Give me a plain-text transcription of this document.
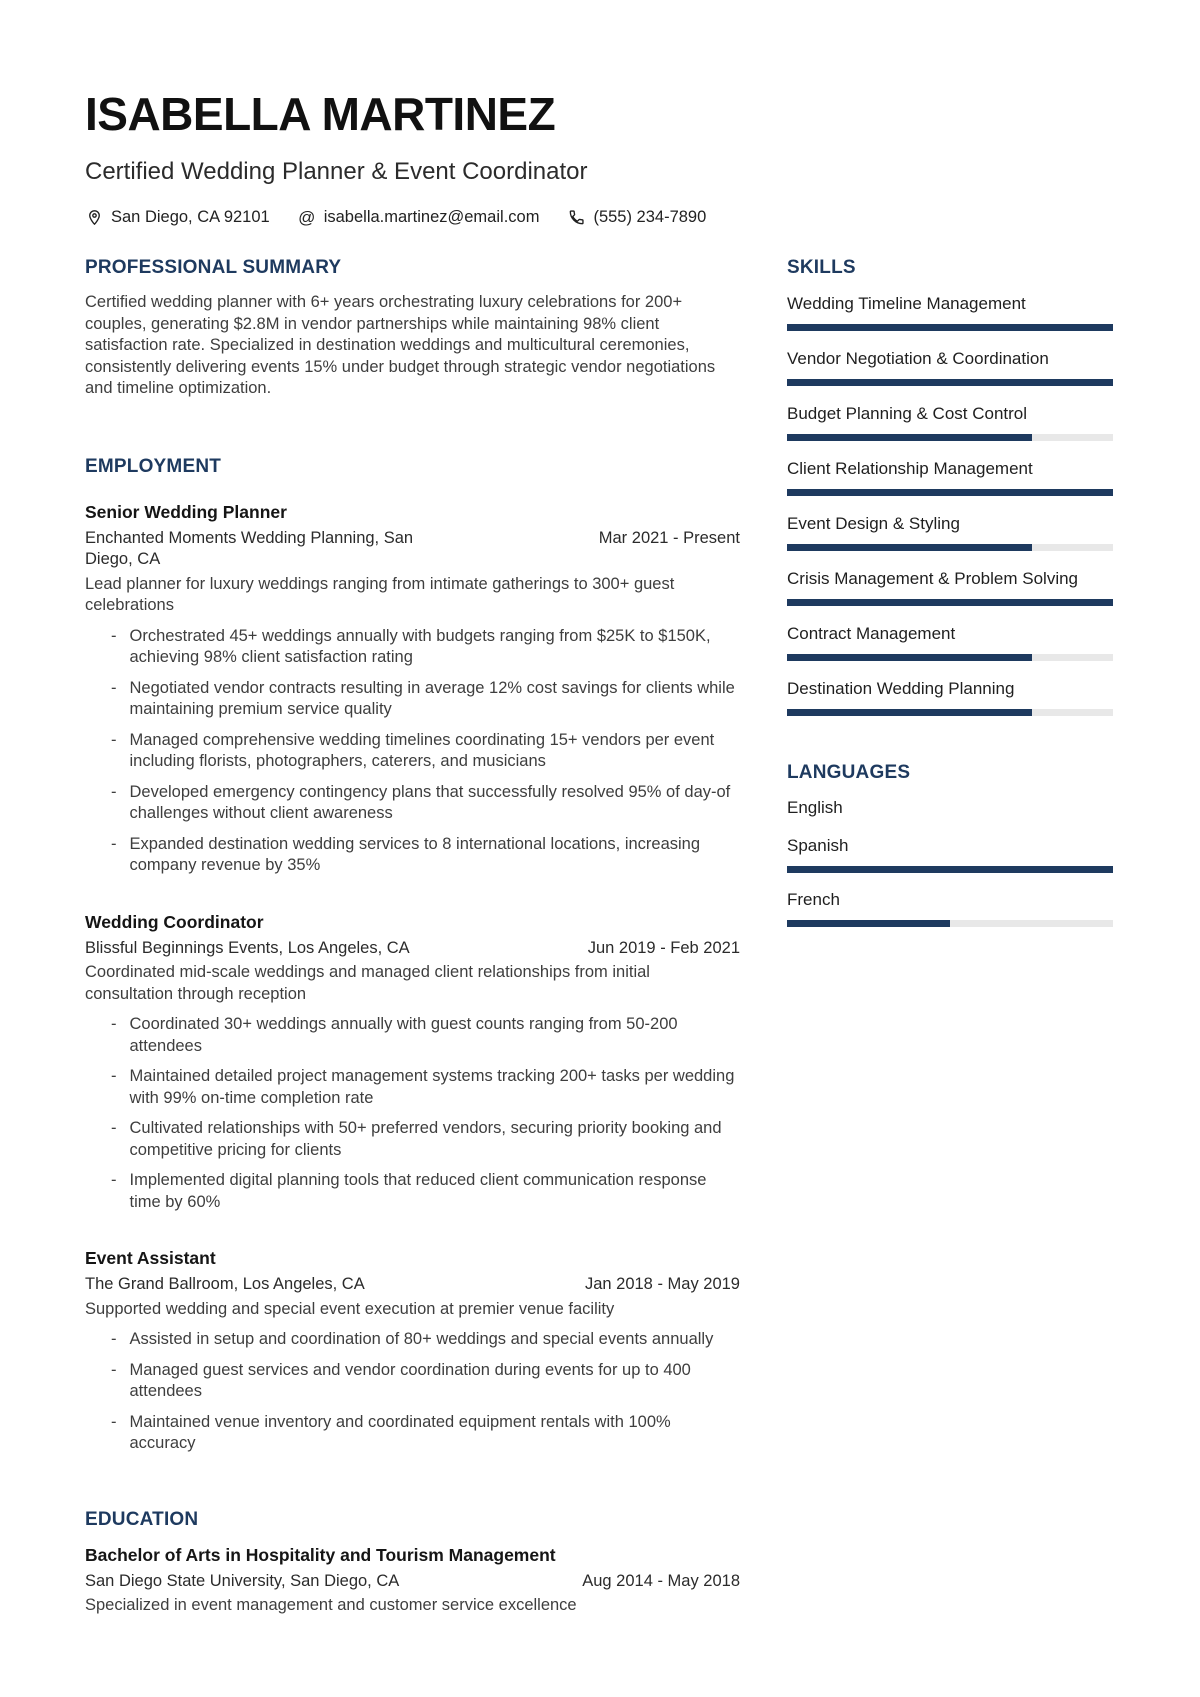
ISABELLA MARTINEZ
Certified Wedding Planner & Event Coordinator
San Diego, CA 92101 @ isabella.martinez@email.com	(555) 234-7890
PROFESSIONAL SUMMARY

Certified wedding planner with 6+ years orchestrating luxury celebrations for 200+ couples, generating $2.8M in vendor partnerships while maintaining 98% client satisfaction rate. Specialized in destination weddings and multicultural ceremonies, consistently delivering events 15% under budget through strategic vendor negotiations and timeline optimization.

EMPLOYMENT
Senior Wedding Planner
Enchanted Moments Wedding Planning, San Diego, CA
Mar 2021 - Present

Lead planner for luxury weddings ranging from intimate gatherings to 300+ guest celebrations

- Orchestrated 45+ weddings annually with budgets ranging from $25K to $150K, achieving 98% client satisfaction rating
- Negotiated vendor contracts resulting in average 12% cost savings for clients while maintaining premium service quality
- Managed comprehensive wedding timelines coordinating 15+ vendors per event including florists, photographers, caterers, and musicians
- Developed emergency contingency plans that successfully resolved 95% of day-of challenges without client awareness
- Expanded destination wedding services to 8 international locations, increasing company revenue by 35%
Wedding Coordinator
Blissful Beginnings Events, Los Angeles, CA	Jun 2019 - Feb 2021

Coordinated mid-scale weddings and managed client relationships from initial consultation through reception

- Coordinated 30+ weddings annually with guest counts ranging from 50-200 attendees
- Maintained detailed project management systems tracking 200+ tasks per wedding with 99% on-time completion rate
- Cultivated relationships with 50+ preferred vendors, securing priority booking and competitive pricing for clients
- Implemented digital planning tools that reduced client communication response time by 60%
Event Assistant
The Grand Ballroom, Los Angeles, CA	Jan 2018 - May 2019

Supported wedding and special event execution at premier venue facility

- Assisted in setup and coordination of 80+ weddings and special events annually
- Managed guest services and vendor coordination during events for up to 400 attendees
- Maintained venue inventory and coordinated equipment rentals with 100% accuracy
EDUCATION
Bachelor of Arts in Hospitality and Tourism Management
San Diego State University, San Diego, CA	Aug 2014 - May 2018

Specialized in event management and customer service excellence

SKILLS
Wedding Timeline Management
Vendor Negotiation & Coordination
Budget Planning & Cost Control
Client Relationship Management
Event Design & Styling
Crisis Management & Problem Solving
Contract Management
Destination Wedding Planning
LANGUAGES
English
Spanish
French
